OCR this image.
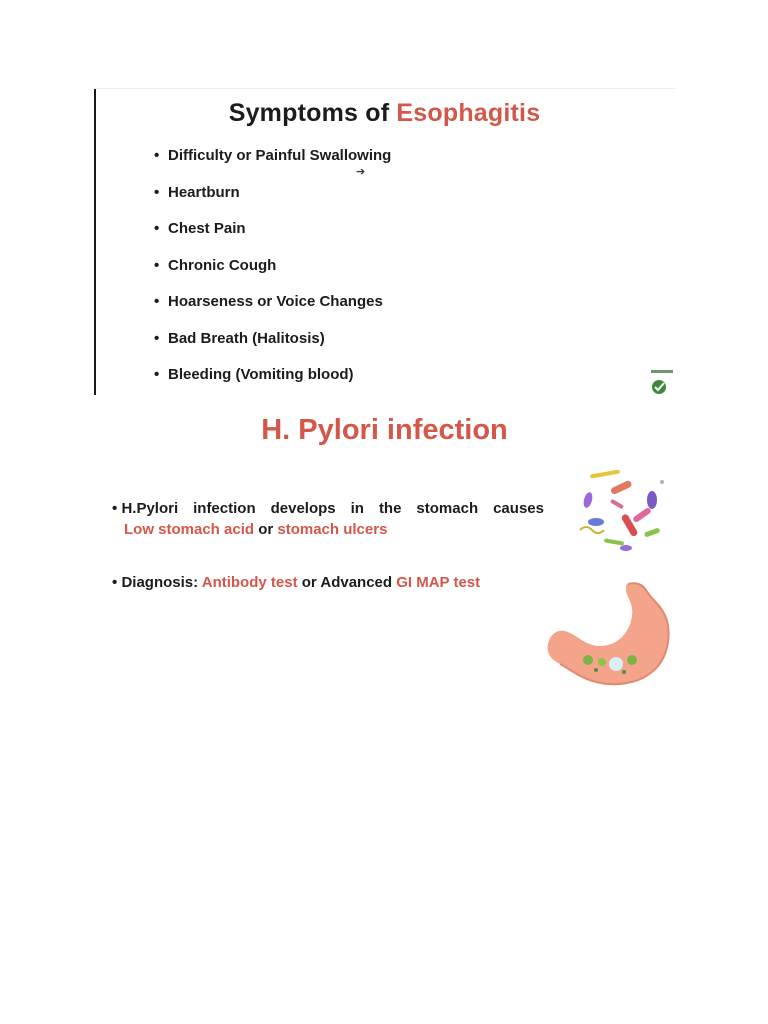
Symptoms of Esophagitis
• Difficulty or Painful Swallowing
• Heartburn
• Chest Pain
• Chronic Cough
• Hoarseness or Voice Changes
• Bad Breath (Halitosis)
• Bleeding (Vomiting blood)
➔
H. Pylori infection
• H.Pylori infection develops in the stomach causes
Low stomach acid or stomach ulcers
• Diagnosis: Antibody test or Advanced GI MAP test
